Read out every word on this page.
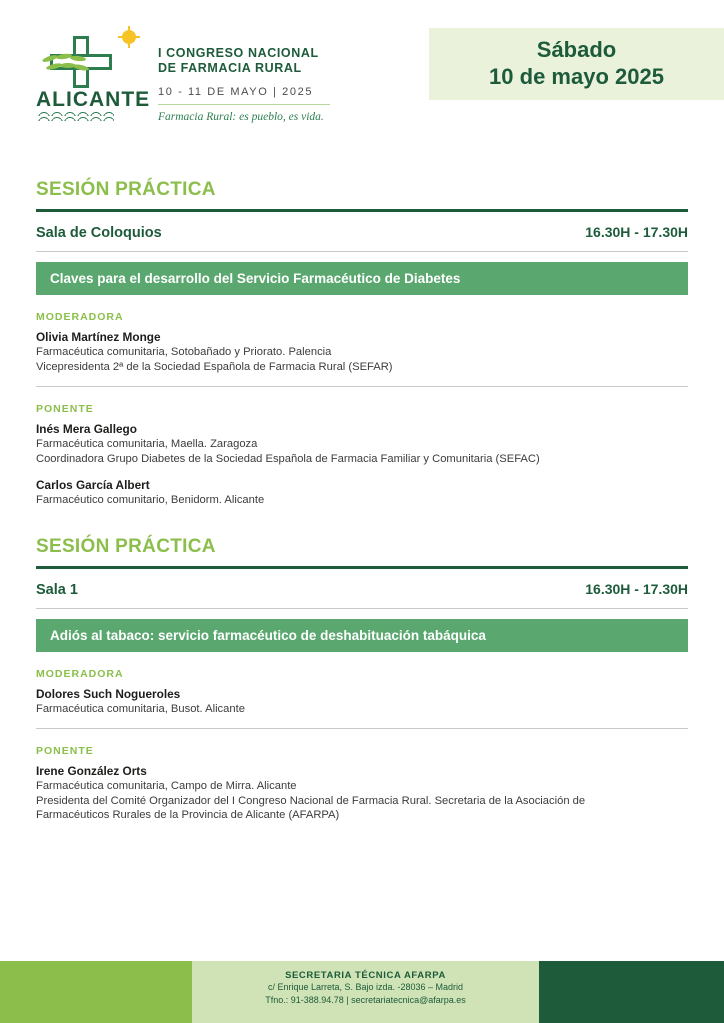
ALICANTE
I CONGRESO NACIONAL
DE FARMACIA RURAL
10 - 11 DE MAYO | 2025
Farmacia Rural: es pueblo, es vida.
Sábado
10 de mayo 2025
SESIÓN PRÁCTICA
Sala de Coloquios	16.30H - 17.30H
Claves para el desarrollo del Servicio Farmacéutico de Diabetes
MODERADORA
Olivia Martínez Monge
Farmacéutica comunitaria, Sotobañado y Priorato. Palencia
Vicepresidenta 2ª de la Sociedad Española de Farmacia Rural (SEFAR)
PONENTE
Inés Mera Gallego
Farmacéutica comunitaria, Maella. Zaragoza
Coordinadora Grupo Diabetes de la Sociedad Española de Farmacia Familiar y Comunitaria (SEFAC)
Carlos García Albert
Farmacéutico comunitario, Benidorm. Alicante
SESIÓN PRÁCTICA
Sala 1	16.30H - 17.30H
Adiós al tabaco: servicio farmacéutico de deshabituación tabáquica
MODERADORA
Dolores Such Nogueroles
Farmacéutica comunitaria, Busot. Alicante
PONENTE
Irene González Orts
Farmacéutica comunitaria, Campo de Mirra. Alicante
Presidenta del Comité Organizador del I Congreso Nacional de Farmacia Rural. Secretaria de la Asociación de
Farmacéuticos Rurales de la Provincia de Alicante (AFARPA)
SECRETARIA TÉCNICA AFARPA
c/ Enrique Larreta, S. Bajo izda. -28036 – Madrid
Tfno.: 91-388.94.78 | secretariatecnica@afarpa.es
